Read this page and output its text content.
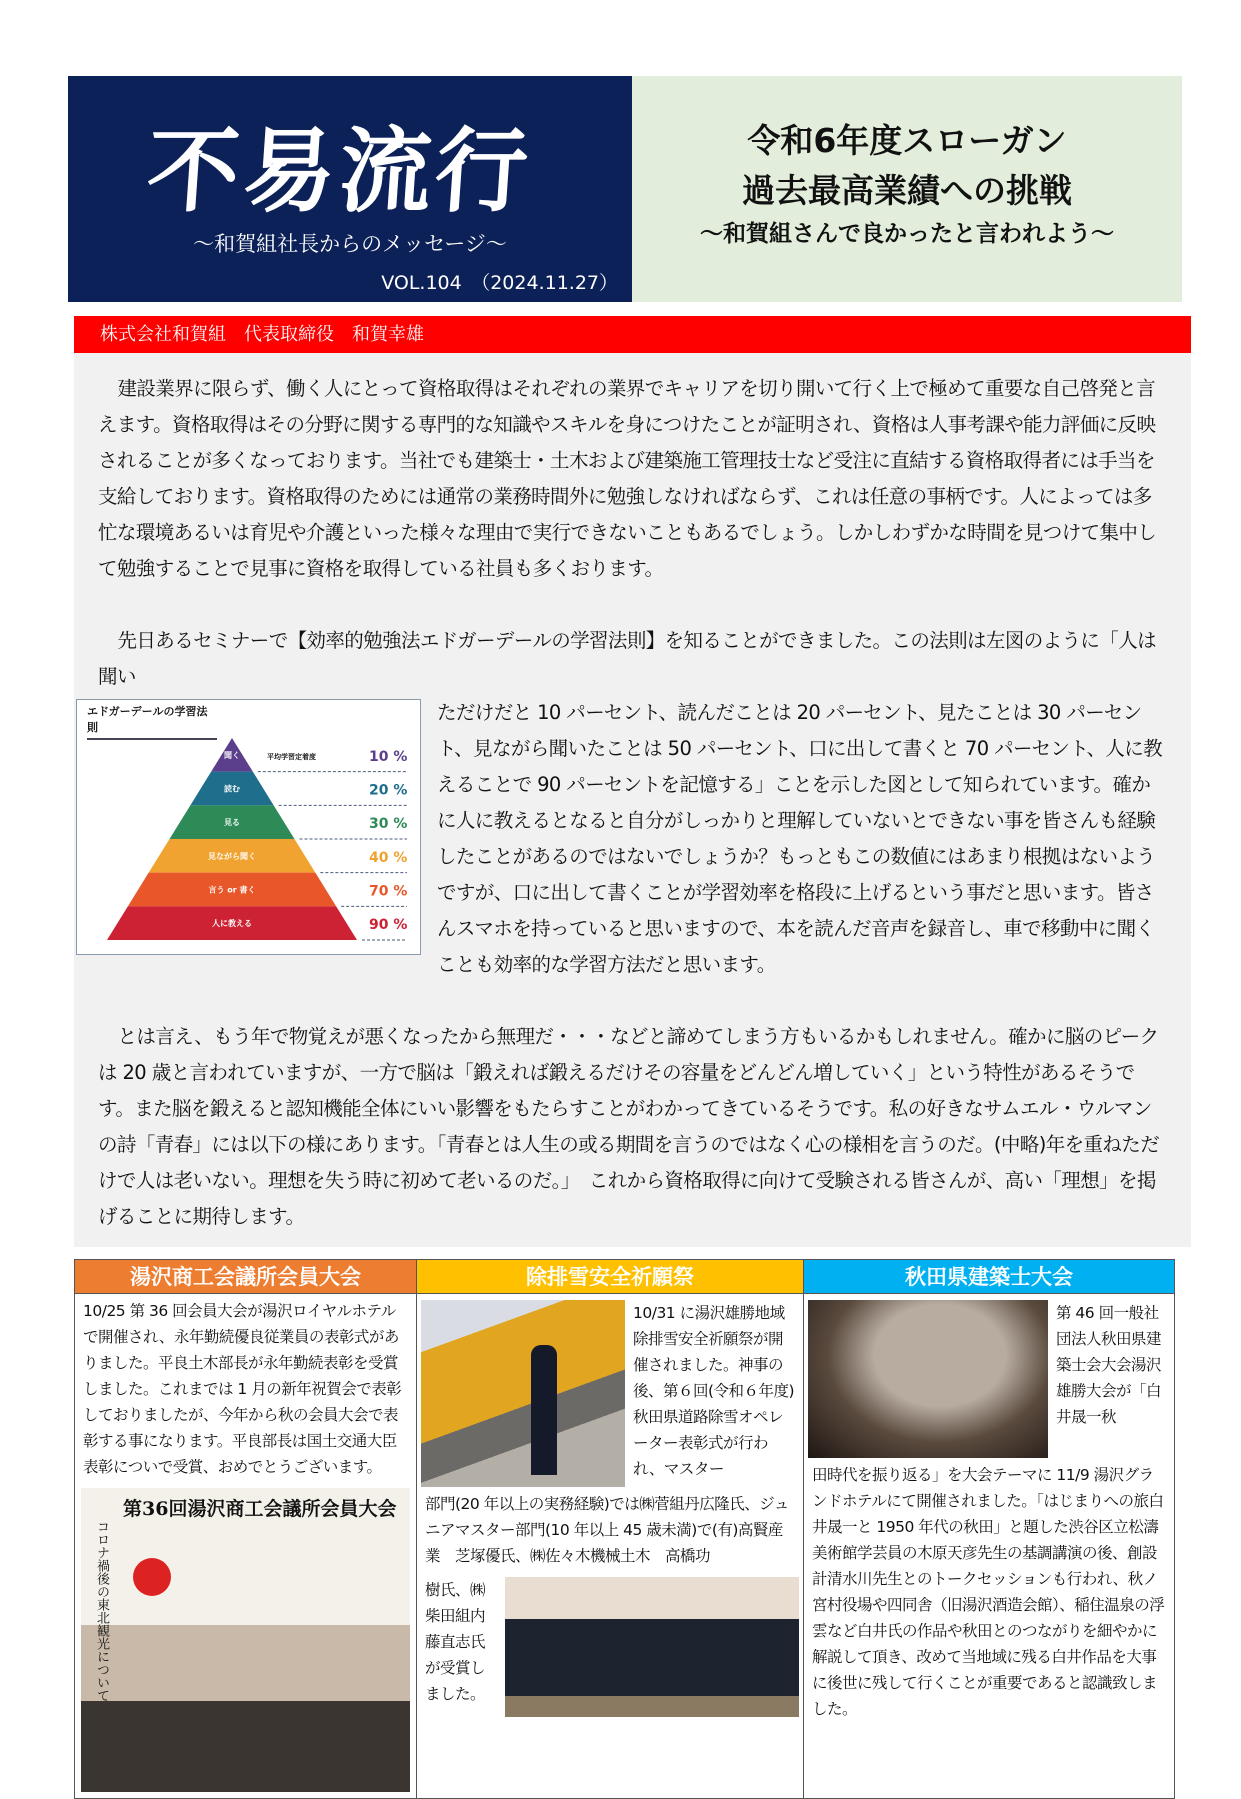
不易流行
～和賀組社長からのメッセージ～
VOL.104　（2024.11.27）
令和6年度スローガン
過去最高業績への挑戦
～和賀組さんで良かったと言われよう～
株式会社和賀組　代表取締役　和賀幸雄

建設業界に限らず、働く人にとって資格取得はそれぞれの業界でキャリアを切り開いて行く上で極めて重要な自己啓発と言えます。資格取得はその分野に関する専門的な知識やスキルを身につけたことが証明され、資格は人事考課や能力評価に反映されることが多くなっております。当社でも建築士・土木および建築施工管理技士など受注に直結する資格取得者には手当を支給しております。資格取得のためには通常の業務時間外に勉強しなければならず、これは任意の事柄です。人によっては多忙な環境あるいは育児や介護といった様々な理由で実行できないこともあるでしょう。しかしわずかな時間を見つけて集中して勉強することで見事に資格を取得している社員も多くおります。

先日あるセミナーで【効率的勉強法エドガーデールの学習法則】を知ることができました。この法則は左図のように「人は聞い

エドガーデールの学習法則
平均学習定着度
聞く	10 %
読む	20 %
見る	30 %
見ながら聞く	40 %
言う or 書く	70 %
人に教える	90 %

ただけだと 10 パーセント、読んだことは 20 パーセント、見たことは 30 パーセント、見ながら聞いたことは 50 パーセント、口に出して書くと 70 パーセント、人に教えることで 90 パーセントを記憶する」ことを示した図として知られています。確かに人に教えるとなると自分がしっかりと理解していないとできない事を皆さんも経験したことがあるのではないでしょうか？もっともこの数値にはあまり根拠はないようですが、口に出して書くことが学習効率を格段に上げるという事だと思います。皆さんスマホを持っていると思いますので、本を読んだ音声を録音し、車で移動中に聞くことも効率的な学習方法だと思います。

とは言え、もう年で物覚えが悪くなったから無理だ・・・などと諦めてしまう方もいるかもしれません。確かに脳のピークは 20 歳と言われていますが、一方で脳は「鍛えれば鍛えるだけその容量をどんどん増していく」という特性があるそうです。また脳を鍛えると認知機能全体にいい影響をもたらすことがわかってきているそうです。私の好きなサムエル・ウルマンの詩「青春」には以下の様にあります。「青春とは人生の或る期間を言うのではなく心の様相を言うのだ。(中略)年を重ねただけで人は老いない。理想を失う時に初めて老いるのだ。」　これから資格取得に向けて受験される皆さんが、高い「理想」を掲げることに期待します。

湯沢商工会議所会員大会
10/25 第 36 回会員大会が湯沢ロイヤルホテルで開催され、永年勤続優良従業員の表彰式がありました。平良土木部長が永年勤続表彰を受賞しました。これまでは 1 月の新年祝賀会で表彰しておりましたが、今年から秋の会員大会で表彰する事になります。平良部長は国土交通大臣表彰についで受賞、おめでとうございます。
第36回湯沢商工会議所会員大会
コロナ禍後の東北観光について
除排雪安全祈願祭
10/31 に湯沢雄勝地域除排雪安全祈願祭が開催されました。神事の後、第６回(令和６年度)秋田県道路除雪オペレーター表彰式が行われ、マスター
部門(20 年以上の実務経験)では㈱菅組丹広隆氏、ジュニアマスター部門(10 年以上 45 歳未満)で(有)高賢産業　芝塚優氏、㈱佐々木機械土木　高橋功
樹氏、㈱柴田組内藤直志氏が受賞しました。
秋田県建築士大会
第 46 回一般社団法人秋田県建築士会大会湯沢雄勝大会が「白井晟一秋
田時代を振り返る」を大会テーマに 11/9 湯沢グランドホテルにて開催されました。「はじまりへの旅白井晟一と 1950 年代の秋田」と題した渋谷区立松濤美術館学芸員の木原天彦先生の基調講演の後、創設計清水川先生とのトークセッションも行われ、秋ノ宮村役場や四同舎（旧湯沢酒造会館）、稲住温泉の浮雲など白井氏の作品や秋田とのつながりを細やかに解説して頂き、改めて当地域に残る白井作品を大事に後世に残して行くことが重要であると認識致しました。
